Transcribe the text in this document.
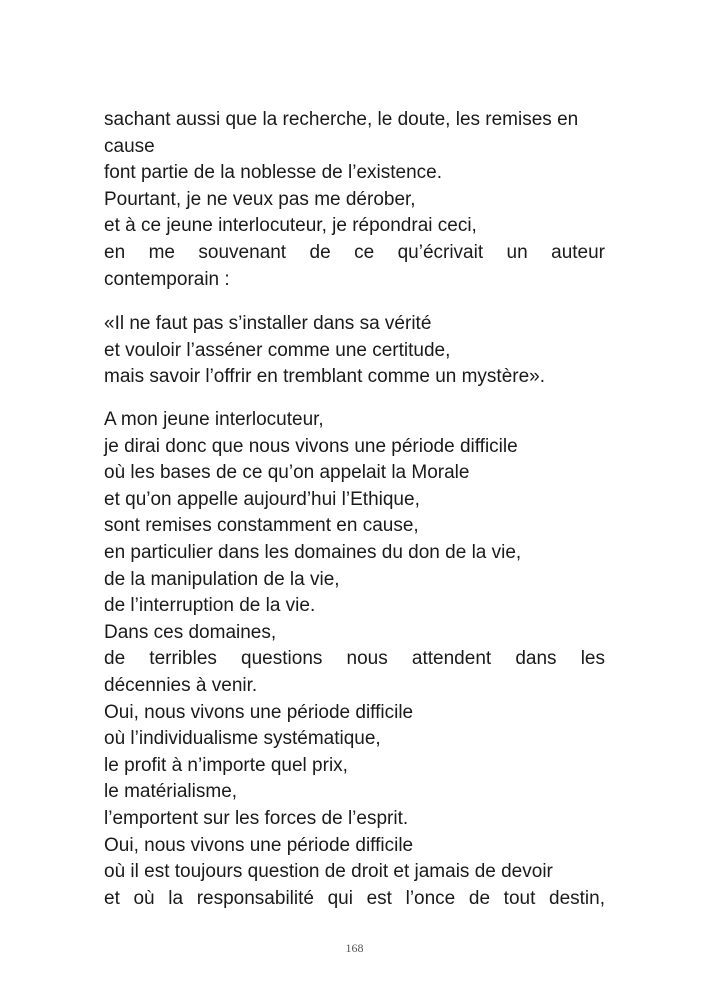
sachant aussi que la recherche, le doute, les remises en
cause
font partie de la noblesse de l’existence.
Pourtant, je ne veux pas me dérober,
et à ce jeune interlocuteur, je répondrai ceci,
en me souvenant de ce qu’écrivait un auteur
contemporain :
«Il ne faut pas s’installer dans sa vérité
et vouloir l’asséner comme une certitude,
mais savoir l’offrir en tremblant comme un mystère».
A mon jeune interlocuteur,
je dirai donc que nous vivons une période difficile
où les bases de ce qu’on appelait la Morale
et qu’on appelle aujourd’hui l’Ethique,
sont remises constamment en cause,
en particulier dans les domaines du don de la vie,
de la manipulation de la vie,
de l’interruption de la vie.
Dans ces domaines,
de terribles questions nous attendent dans les
décennies à venir.
Oui, nous vivons une période difficile
où l’individualisme systématique,
le profit à n’importe quel prix,
le matérialisme,
l’emportent sur les forces de l’esprit.
Oui, nous vivons une période difficile
où il est toujours question de droit et jamais de devoir
et où la responsabilité qui est l’once de tout destin,
168
